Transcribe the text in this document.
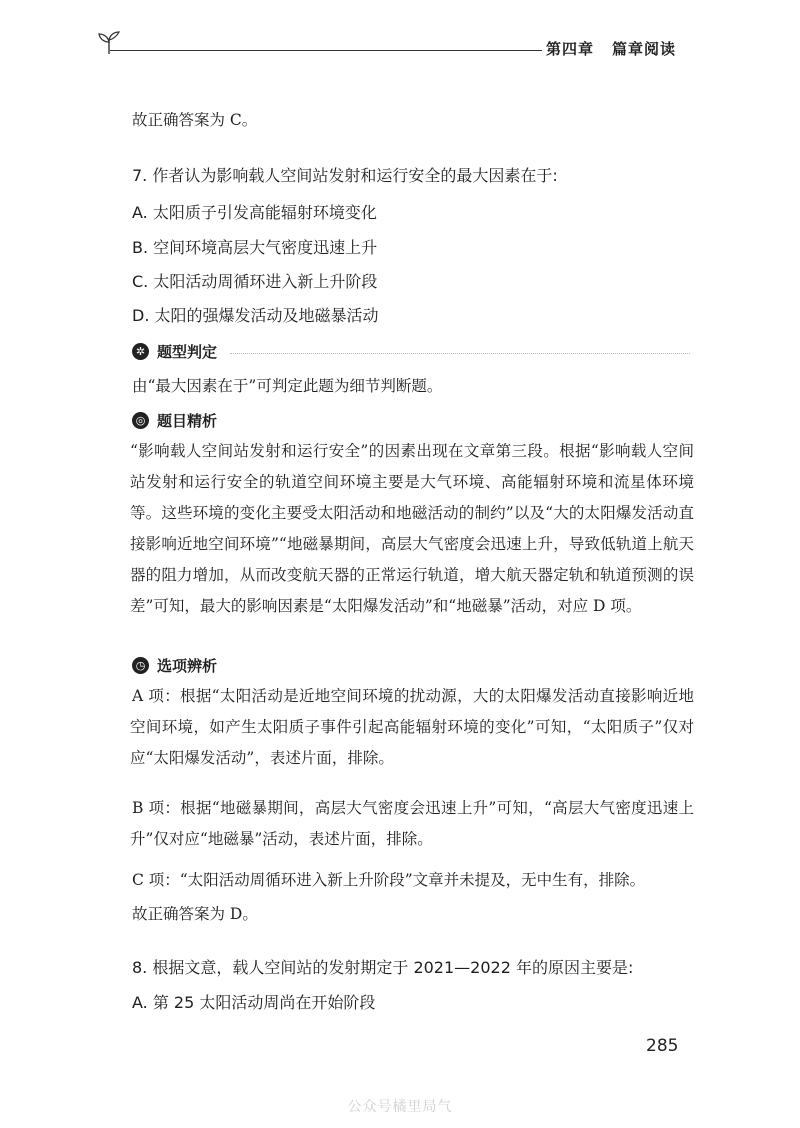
第四章 篇章阅读
故正确答案为 C。
7. 作者认为影响载人空间站发射和运行安全的最大因素在于:
A. 太阳质子引发高能辐射环境变化
B. 空间环境高层大气密度迅速上升
C. 太阳活动周循环进入新上升阶段
D. 太阳的强爆发活动及地磁暴活动
✲ 题型判定
由“最大因素在于”可判定此题为细节判断题。
◎ 题目精析
“影响载人空间站发射和运行安全”的因素出现在文章第三段。根据“影响载人空间站发射和运行安全的轨道空间环境主要是大气环境、高能辐射环境和流星体环境等。这些环境的变化主要受太阳活动和地磁活动的制约”以及“大的太阳爆发活动直接影响近地空间环境”“地磁暴期间，高层大气密度会迅速上升，导致低轨道上航天器的阻力增加，从而改变航天器的正常运行轨道，增大航天器定轨和轨道预测的误差”可知，最大的影响因素是“太阳爆发活动”和“地磁暴”活动，对应 D 项。
◷ 选项辨析
A 项：根据“太阳活动是近地空间环境的扰动源，大的太阳爆发活动直接影响近地空间环境，如产生太阳质子事件引起高能辐射环境的变化”可知，“太阳质子”仅对应“太阳爆发活动”，表述片面，排除。
B 项：根据“地磁暴期间，高层大气密度会迅速上升”可知，“高层大气密度迅速上升”仅对应“地磁暴”活动，表述片面，排除。
C 项：“太阳活动周循环进入新上升阶段”文章并未提及，无中生有，排除。
故正确答案为 D。
8. 根据文意，载人空间站的发射期定于 2021—2022 年的原因主要是:
A. 第 25 太阳活动周尚在开始阶段
285
公众号橘里局气
